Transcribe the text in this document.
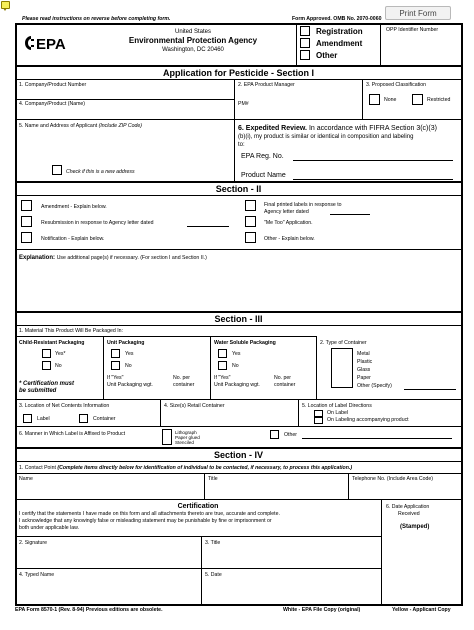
Print Form
Please read instructions on reverse before completing form.	Form Approved. OMB No. 2070-0060
EPA
United States
Environmental Protection Agency
Washington, DC 20460
Registration
Amendment
Other
OPP Identifier Number
Application for Pesticide - Section I
1. Company/Product Number	2. EPA Product Manager	3. Proposed Classification
None	Restricted
4. Company/Product (Name)	PM#
5. Name and Address of Applicant (Include ZIP Code)
Check if this is a new address
6. Expedited Review. In accordance with FIFRA Section 3(c)(3)
(b)(i), my product is similar or identical in composition and labeling
to:
EPA Reg. No.
Product Name
Section - II
Amendment - Explain below.
Resubmission in response to Agency letter dated
Notification - Explain below.
Final printed labels in response to
Agency letter dated
"Me Too" Application.
Other - Explain below.
Explanation: Use additional page(s) if necessary. (For section I and Section II.)
Section - III
1. Material This Product Will Be Packaged In:
Child-Resistant Packaging
Yes*
No
* Certification must
be submitted
Unit Packaging
Yes
No
If "Yes"
Unit Packaging wgt.
No. per
container
Water Soluble Packaging
Yes
No
If "Yes"
Unit Packaging wgt.
No. per
container
2. Type of Container
Metal
Plastic
Glass
Paper
Other (Specify)
3. Location of Net Contents Information
Label	Container
4. Size(s) Retail Container	5. Location of Label Directions
On Label
On Labeling accompanying product
6. Manner in Which Label is Affixed to Product	Lithograph
Paper glued
Stenciled
Other
Section - IV
1. Contact Point (Complete items directly below for identification of individual to be contacted, if necessary, to process this application.)
Name	Title	Telephone No. (Include Area Code)
Certification
I certify that the statements I have made on this form and all attachments thereto are true, accurate and complete.
I acknowledge that any knowingly false or misleading statement may be punishable by fine or imprisonment or
both under applicable law.
6. Date Application
Received
(Stamped)
2. Signature	3. Title
4. Typed Name	5. Date
EPA Form 8570-1 (Rev. 8-94) Previous editions are obsolete.	White - EPA File Copy (original)	Yellow - Applicant Copy
